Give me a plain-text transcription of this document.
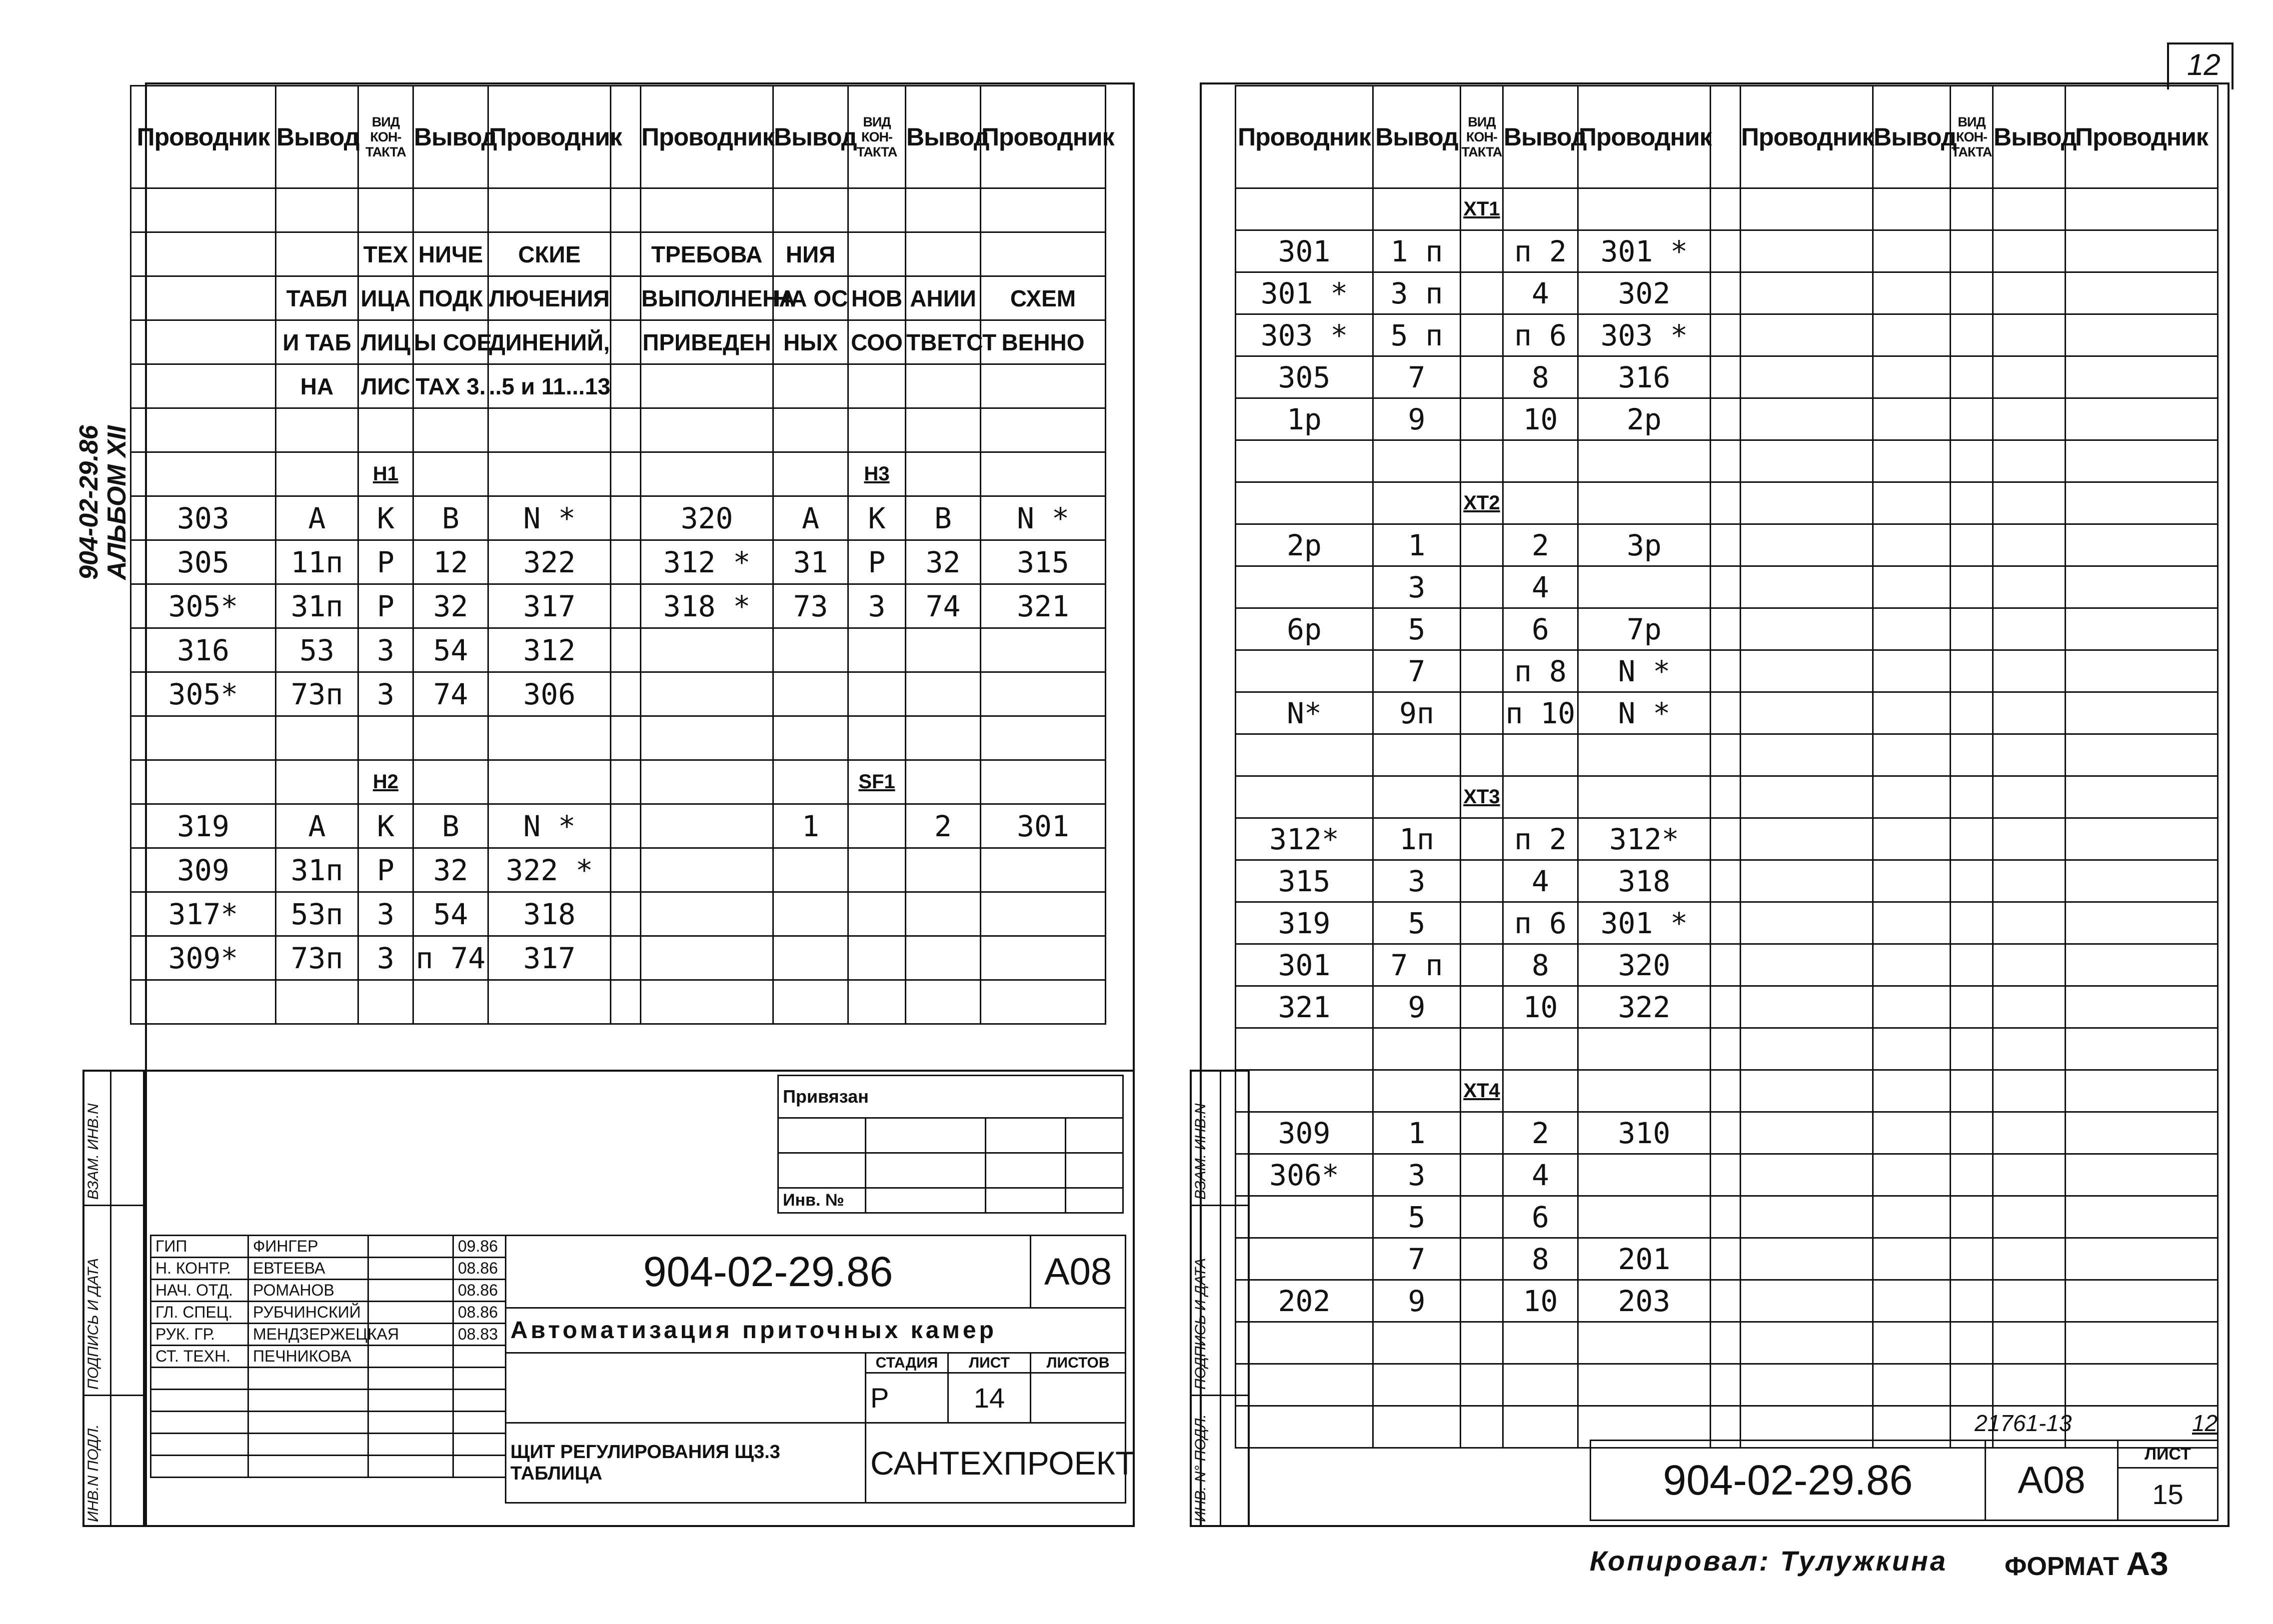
904-02-29.86
АЛЬБОМ XII
Проводник	Вывод	ВИД КОН-ТАКТА	Вывод	Проводник		Проводник	Вывод	ВИД КОН-ТАКТА	Вывод	Проводник

		ТЕХ	НИЧЕ	СКИЕ		ТРЕБОВА	НИЯ			
	ТАБЛ	ИЦА	ПОДК	ЛЮЧЕНИЯ		ВЫПОЛНЕНА	НА ОС	НОВ	АНИИ	СХЕМ
	И ТАБ	ЛИЦ	Ы СОЕ	ДИНЕНИЙ,		ПРИВЕДЕН	НЫХ	СОО	ТВЕТСТ	ВЕННО
	НА	ЛИС	ТАХ 3.	..5 и 11...13						

		Н1						Н3		
303	А	К	В	N *		320	А	К	В	N *
305	11п	Р	12	322		312 *	31	Р	32	315
305*	31п	Р	32	317		318 *	73	З	74	321
316	53	З	54	312						
305*	73п	З	74	306						

		Н2						SF1		
319	А	К	В	N *			1		2	301
309	31п	Р	32	322 *						
317*	53п	З	54	318						
309*	73п	З	п 74	317						

ИНВ.N ПОДЛ.
ПОДПИСЬ И ДАТА
ВЗАМ. ИНВ.N
Привязан			

Инв. №			
ГИП	ФИНГЕР		09.86
Н. КОНТР.	ЕВТЕЕВА		08.86
НАЧ. ОТД.	РОМАНОВ		08.86
ГЛ. СПЕЦ.	РУБЧИНСКИЙ		08.86
РУК. ГР.	МЕНДЗЕРЖЕЦКАЯ		08.83
СТ. ТЕХН.	ПЕЧНИКОВА		

904-02-29.86			А08
Автоматизация приточных камер			
	СТАДИЯ	ЛИСТ	ЛИСТОВ
	Р	14	

ЩИТ РЕГУЛИРОВАНИЯ Щ3.3
ТАБЛИЦА	САНТЕХПРОЕКТ		
12
Проводник	Вывод	ВИД КОН-ТАКТА	Вывод	Проводник		Проводник	Вывод	ВИД КОН-ТАКТА	Вывод	Проводник
		XT1								
301	1 п		п 2	301 *						
301 *	3 п		4	302						
303 *	5 п		п 6	303 *						
305	7		8	316						
1р	9		10	2р						

		XT2								
2р	1		2	3р						
	3		4							
6р	5		6	7р						
	7		п 8	N *						
N*	9п		п 10	N *						

		XT3								
312*	1п		п 2	312*						
315	3		4	318						
319	5		п 6	301 *						
301	7 п		8	320						
321	9		10	322						

		XT4								
309	1		2	310						
306*	3		4							
	5		6							
	7		8	201						
202	9		10	203						

ИНВ. N° ПОДЛ.
ПОДПИСЬ И ДАТА
ВЗАМ. ИНВ.N
21761-13	12
904-02-29.86	А08	ЛИСТ
15
Копировал: Тулужкина ФОРМАТ А3
